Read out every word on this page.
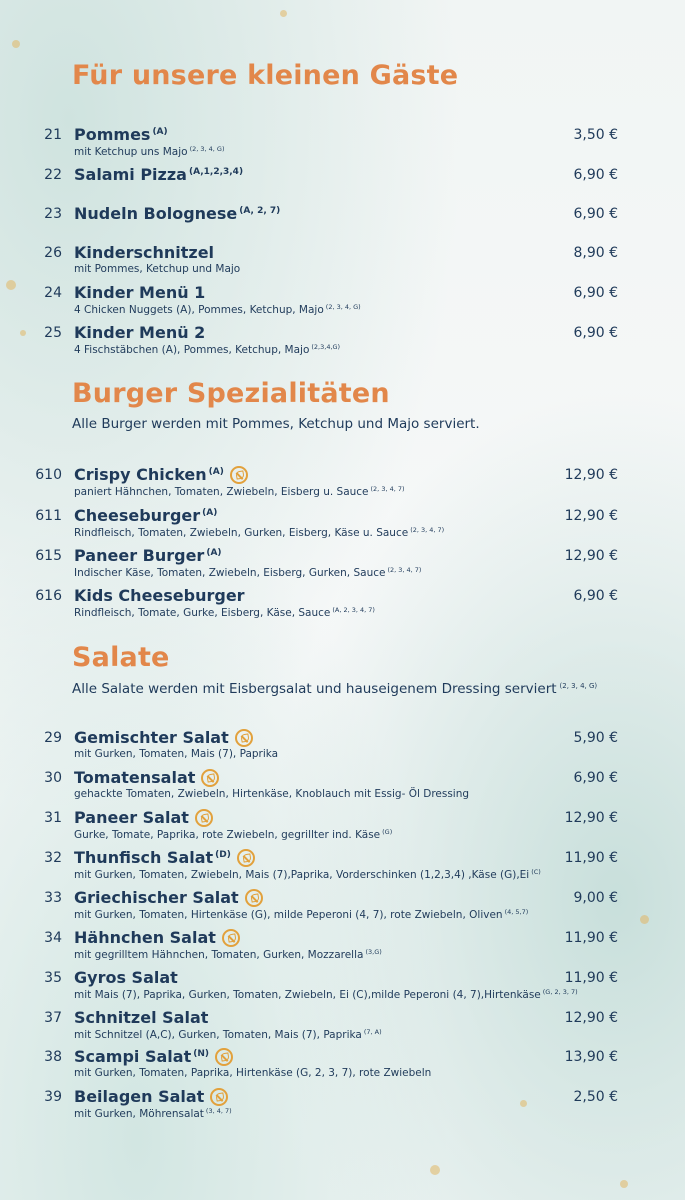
Für unsere kleinen Gäste
21 Pommes $^{(A)}$
mit Ketchup uns Majo $^{(2, 3, 4, G)}$
3,50 €
22 Salami Pizza $^{(A,1,2,3,4)}$	6,90 €
23 Nudeln Bolognese $^{(A, 2, 7)}$	6,90 €
26 Kinderschnitzel
mit Pommes, Ketchup und Majo
8,90 €
24 Kinder Menü 1
4 Chicken Nuggets (A), Pommes, Ketchup, Majo $^{(2, 3, 4, G)}$
6,90 €
25 Kinder Menü 2
4 Fischstäbchen (A), Pommes, Ketchup, Majo $^{(2,3,4,G)}$
6,90 €
Burger Spezialitäten
Alle Burger werden mit Pommes, Ketchup und Majo serviert.
610 Crispy Chicken $^{(A)}$
paniert Hähnchen, Tomaten, Zwiebeln, Eisberg u. Sauce $^{(2, 3, 4, 7)}$
12,90 €
611 Cheeseburger $^{(A)}$
Rindfleisch, Tomaten, Zwiebeln, Gurken, Eisberg, Käse u. Sauce $^{(2, 3, 4, 7)}$
12,90 €
615 Paneer Burger $^{(A)}$
Indischer Käse, Tomaten, Zwiebeln, Eisberg, Gurken, Sauce $^{(2, 3, 4, 7)}$
12,90 €
616 Kids Cheeseburger
Rindfleisch, Tomate, Gurke, Eisberg, Käse, Sauce $^{(A, 2, 3, 4, 7)}$
6,90 €
Salate
Alle Salate werden mit Eisbergsalat und hauseigenem Dressing serviert $^{(2, 3, 4, G)}$
29 Gemischter Salat
mit Gurken, Tomaten, Mais (7), Paprika
5,90 €
30 Tomatensalat
gehackte Tomaten, Zwiebeln, Hirtenkäse, Knoblauch mit Essig- Öl Dressing
6,90 €
31 Paneer Salat
Gurke, Tomate, Paprika, rote Zwiebeln, gegrillter ind. Käse $^{(G)}$
12,90 €
32 Thunfisch Salat $^{(D)}$
mit Gurken, Tomaten, Zwiebeln, Mais (7),Paprika, Vorderschinken (1,2,3,4) ,Käse (G),Ei $^{(C)}$
11,90 €
33 Griechischer Salat
mit Gurken, Tomaten, Hirtenkäse (G), milde Peperoni (4, 7), rote Zwiebeln, Oliven $^{(4, 5,7)}$
9,00 €
34 Hähnchen Salat
mit gegrilltem Hähnchen, Tomaten, Gurken, Mozzarella $^{(3,G)}$
11,90 €
35 Gyros Salat
mit Mais (7), Paprika, Gurken, Tomaten, Zwiebeln, Ei (C),milde Peperoni (4, 7),Hirtenkäse $^{(G, 2, 3, 7)}$
11,90 €
37 Schnitzel Salat
mit Schnitzel (A,C), Gurken, Tomaten, Mais (7), Paprika $^{(7, A)}$
12,90 €
38 Scampi Salat $^{(N)}$
mit Gurken, Tomaten, Paprika, Hirtenkäse (G, 2, 3, 7), rote Zwiebeln
13,90 €
39 Beilagen Salat
mit Gurken, Möhrensalat $^{(3, 4, 7)}$
2,50 €
